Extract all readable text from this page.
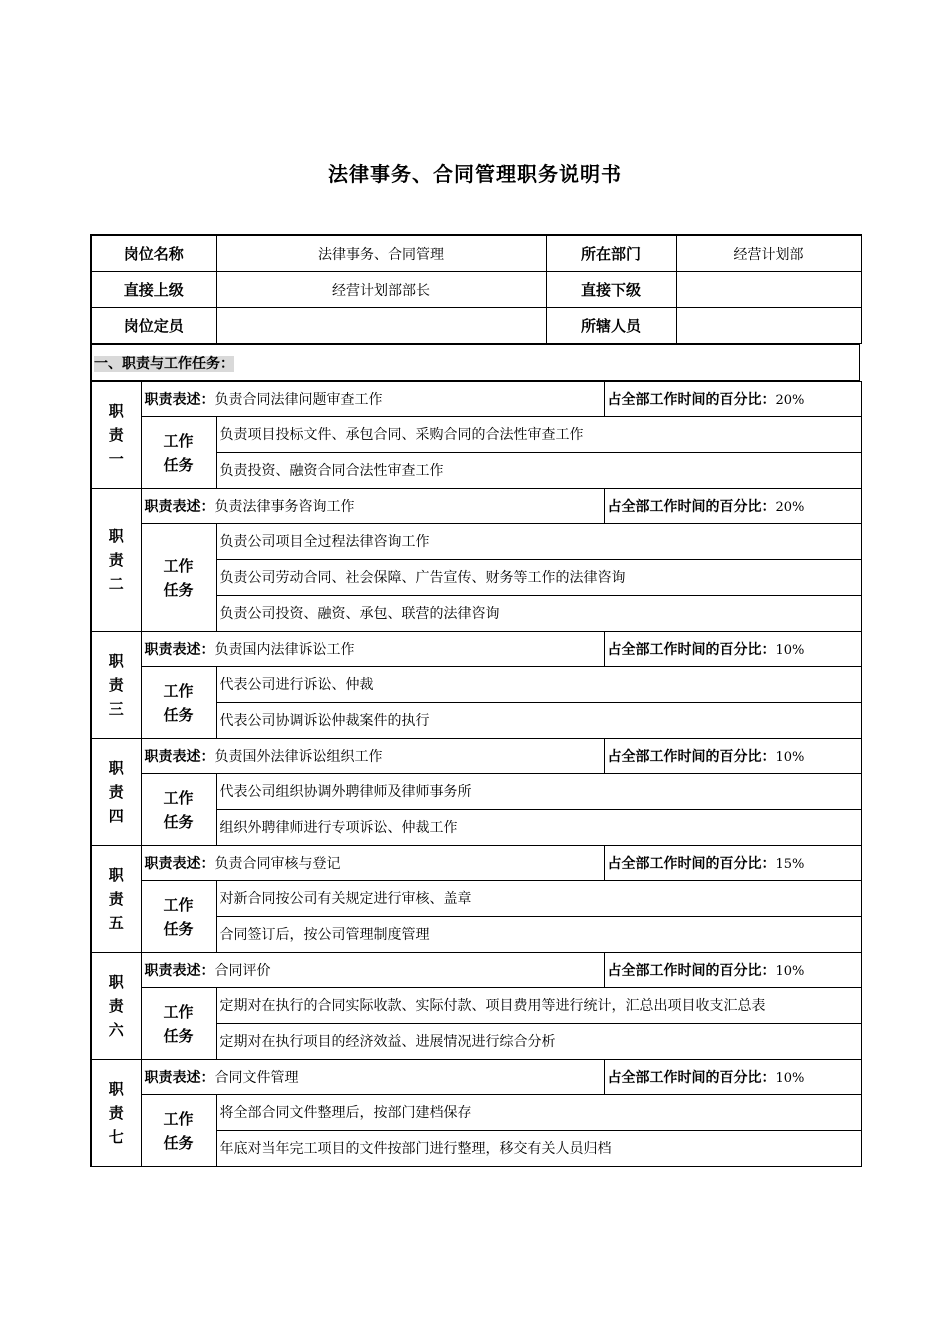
法律事务、合同管理职务说明书
岗位名称	法律事务、合同管理	所在部门	经营计划部
直接上级	经营计划部部长	直接下级	
岗位定员		所辖人员	
一、职责与工作任务：
职
责
一	职责表述：负责合同法律问题审查工作		占全部工作时间的百分比：20%

	工作
任务	负责项目投标文件、承包合同、采购合同的合法性审查工作	
		负责投资、融资合同合法性审查工作	

职
责
二	职责表述：负责法律事务咨询工作		占全部工作时间的百分比：20%

	工作
任务	负责公司项目全过程法律咨询工作	
		负责公司劳动合同、社会保障、广告宣传、财务等工作的法律咨询	
		负责公司投资、融资、承包、联营的法律咨询	

职
责
三	职责表述：负责国内法律诉讼工作		占全部工作时间的百分比：10%

	工作
任务	代表公司进行诉讼、仲裁	
		代表公司协调诉讼仲裁案件的执行	

职
责
四	职责表述：负责国外法律诉讼组织工作		占全部工作时间的百分比：10%

	工作
任务	代表公司组织协调外聘律师及律师事务所	
		组织外聘律师进行专项诉讼、仲裁工作	

职
责
五	职责表述：负责合同审核与登记		占全部工作时间的百分比：15%

	工作
任务	对新合同按公司有关规定进行审核、盖章	
		合同签订后，按公司管理制度管理	

职
责
六	职责表述：合同评价		占全部工作时间的百分比：10%

	工作
任务	定期对在执行的合同实际收款、实际付款、项目费用等进行统计，汇总出项目收支汇总表	
		定期对在执行项目的经济效益、进展情况进行综合分析	

职
责
七	职责表述：合同文件管理		占全部工作时间的百分比：10%

	工作
任务	将全部合同文件整理后，按部门建档保存	
		年底对当年完工项目的文件按部门进行整理，移交有关人员归档	
